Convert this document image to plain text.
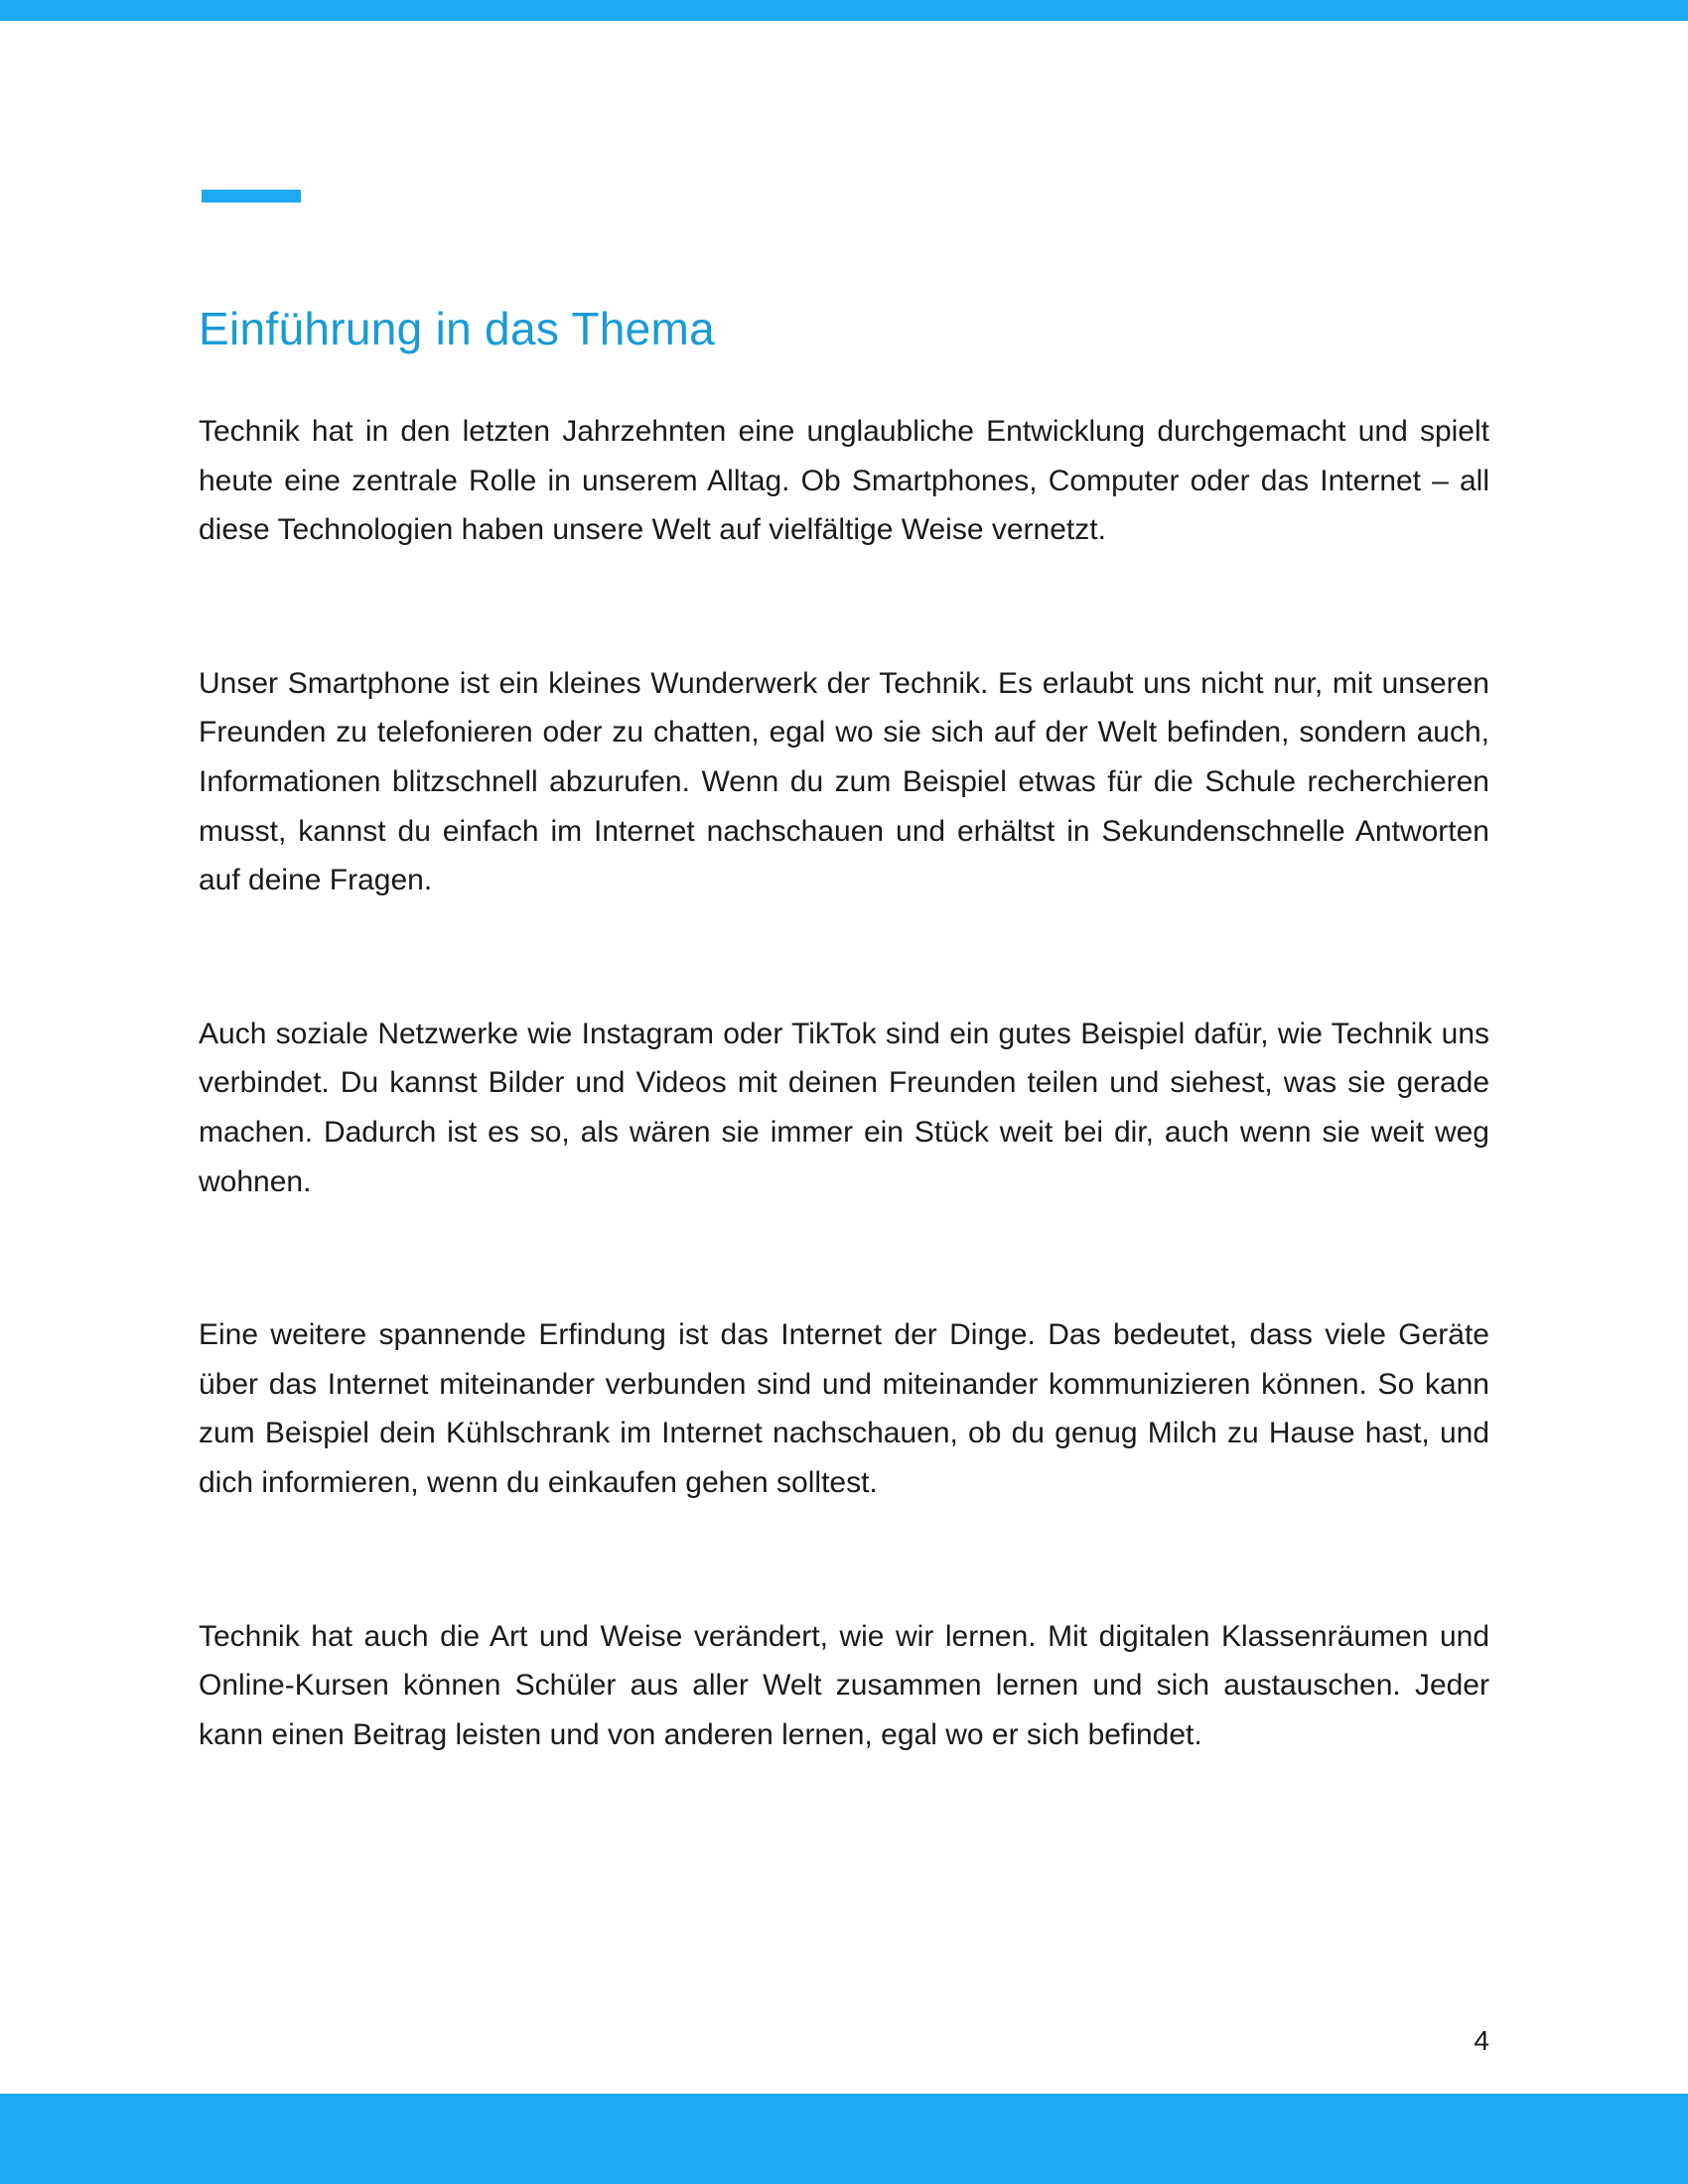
Einführung in das Thema

Technik hat in den letzten Jahrzehnten eine unglaubliche Entwicklung durchgemacht und spielt heute eine zentrale Rolle in unserem Alltag. Ob Smartphones, Computer oder das Internet – all diese Technologien haben unsere Welt auf vielfältige Weise vernetzt.

Unser Smartphone ist ein kleines Wunderwerk der Technik. Es erlaubt uns nicht nur, mit unseren Freunden zu telefonieren oder zu chatten, egal wo sie sich auf der Welt befinden, sondern auch, Informationen blitzschnell abzurufen. Wenn du zum Beispiel etwas für die Schule recherchieren musst, kannst du einfach im Internet nachschauen und erhältst in Sekundenschnelle Antworten auf deine Fragen.

Auch soziale Netzwerke wie Instagram oder TikTok sind ein gutes Beispiel dafür, wie Technik uns verbindet. Du kannst Bilder und Videos mit deinen Freunden teilen und siehest, was sie gerade machen. Dadurch ist es so, als wären sie immer ein Stück weit bei dir, auch wenn sie weit weg wohnen.

Eine weitere spannende Erfindung ist das Internet der Dinge. Das bedeutet, dass viele Geräte über das Internet miteinander verbunden sind und miteinander kommunizieren können. So kann zum Beispiel dein Kühlschrank im Internet nachschauen, ob du genug Milch zu Hause hast, und dich informieren, wenn du einkaufen gehen solltest.

Technik hat auch die Art und Weise verändert, wie wir lernen. Mit digitalen Klassenräumen und Online-Kursen können Schüler aus aller Welt zusammen lernen und sich austauschen. Jeder kann einen Beitrag leisten und von anderen lernen, egal wo er sich befindet.

4
